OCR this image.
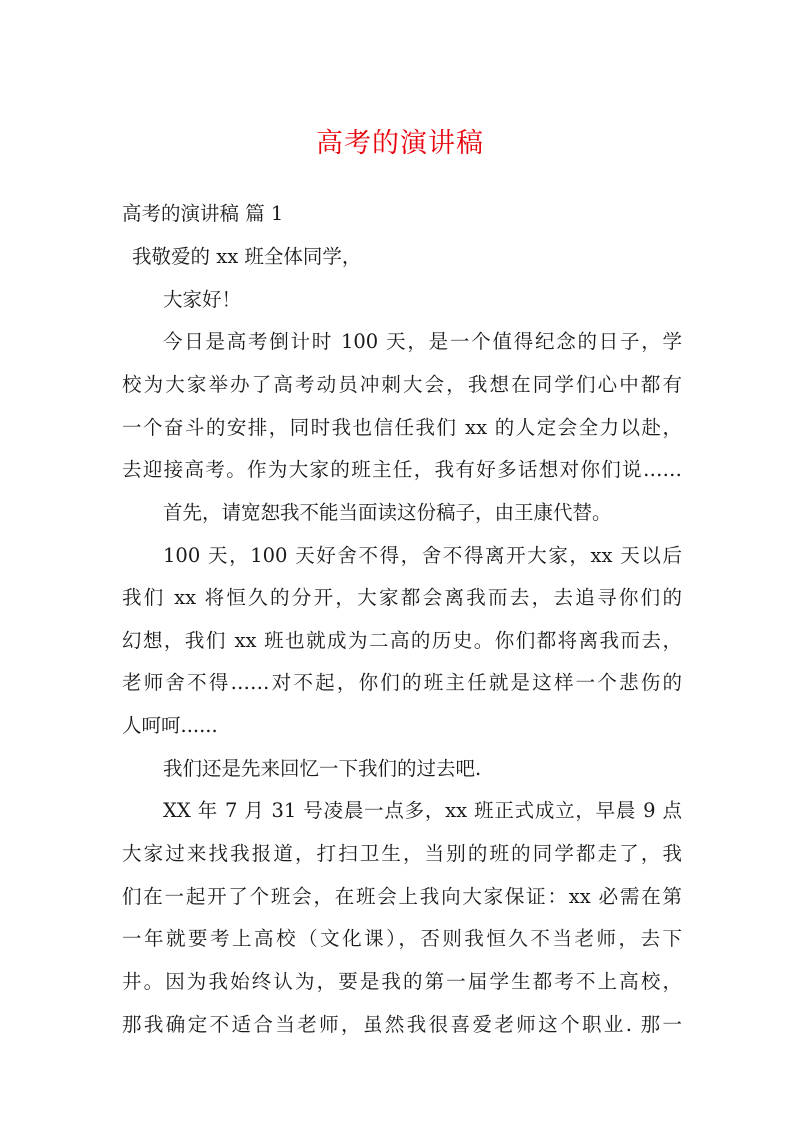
高考的演讲稿
高考的演讲稿 篇 1
我敬爱的 xx 班全体同学，
大家好！
今日是高考倒计时 100 天，是一个值得纪念的日子，学
校为大家举办了高考动员冲刺大会，我想在同学们心中都有
一个奋斗的安排，同时我也信任我们 xx 的人定会全力以赴，
去迎接高考。作为大家的班主任，我有好多话想对你们说……
首先，请宽恕我不能当面读这份稿子，由王康代替。
100 天，100 天好舍不得，舍不得离开大家，xx 天以后
我们 xx 将恒久的分开，大家都会离我而去，去追寻你们的
幻想，我们 xx 班也就成为二高的历史。你们都将离我而去，
老师舍不得……对不起，你们的班主任就是这样一个悲伤的
人呵呵......
我们还是先来回忆一下我们的过去吧.
XX 年 7 月 31 号凌晨一点多，xx 班正式成立，早晨 9 点
大家过来找我报道，打扫卫生，当别的班的同学都走了，我
们在一起开了个班会，在班会上我向大家保证：xx 必需在第
一年就要考上高校（文化课），否则我恒久不当老师，去下
井。因为我始终认为，要是我的第一届学生都考不上高校，
那我确定不适合当老师，虽然我很喜爱老师这个职业. 那一
